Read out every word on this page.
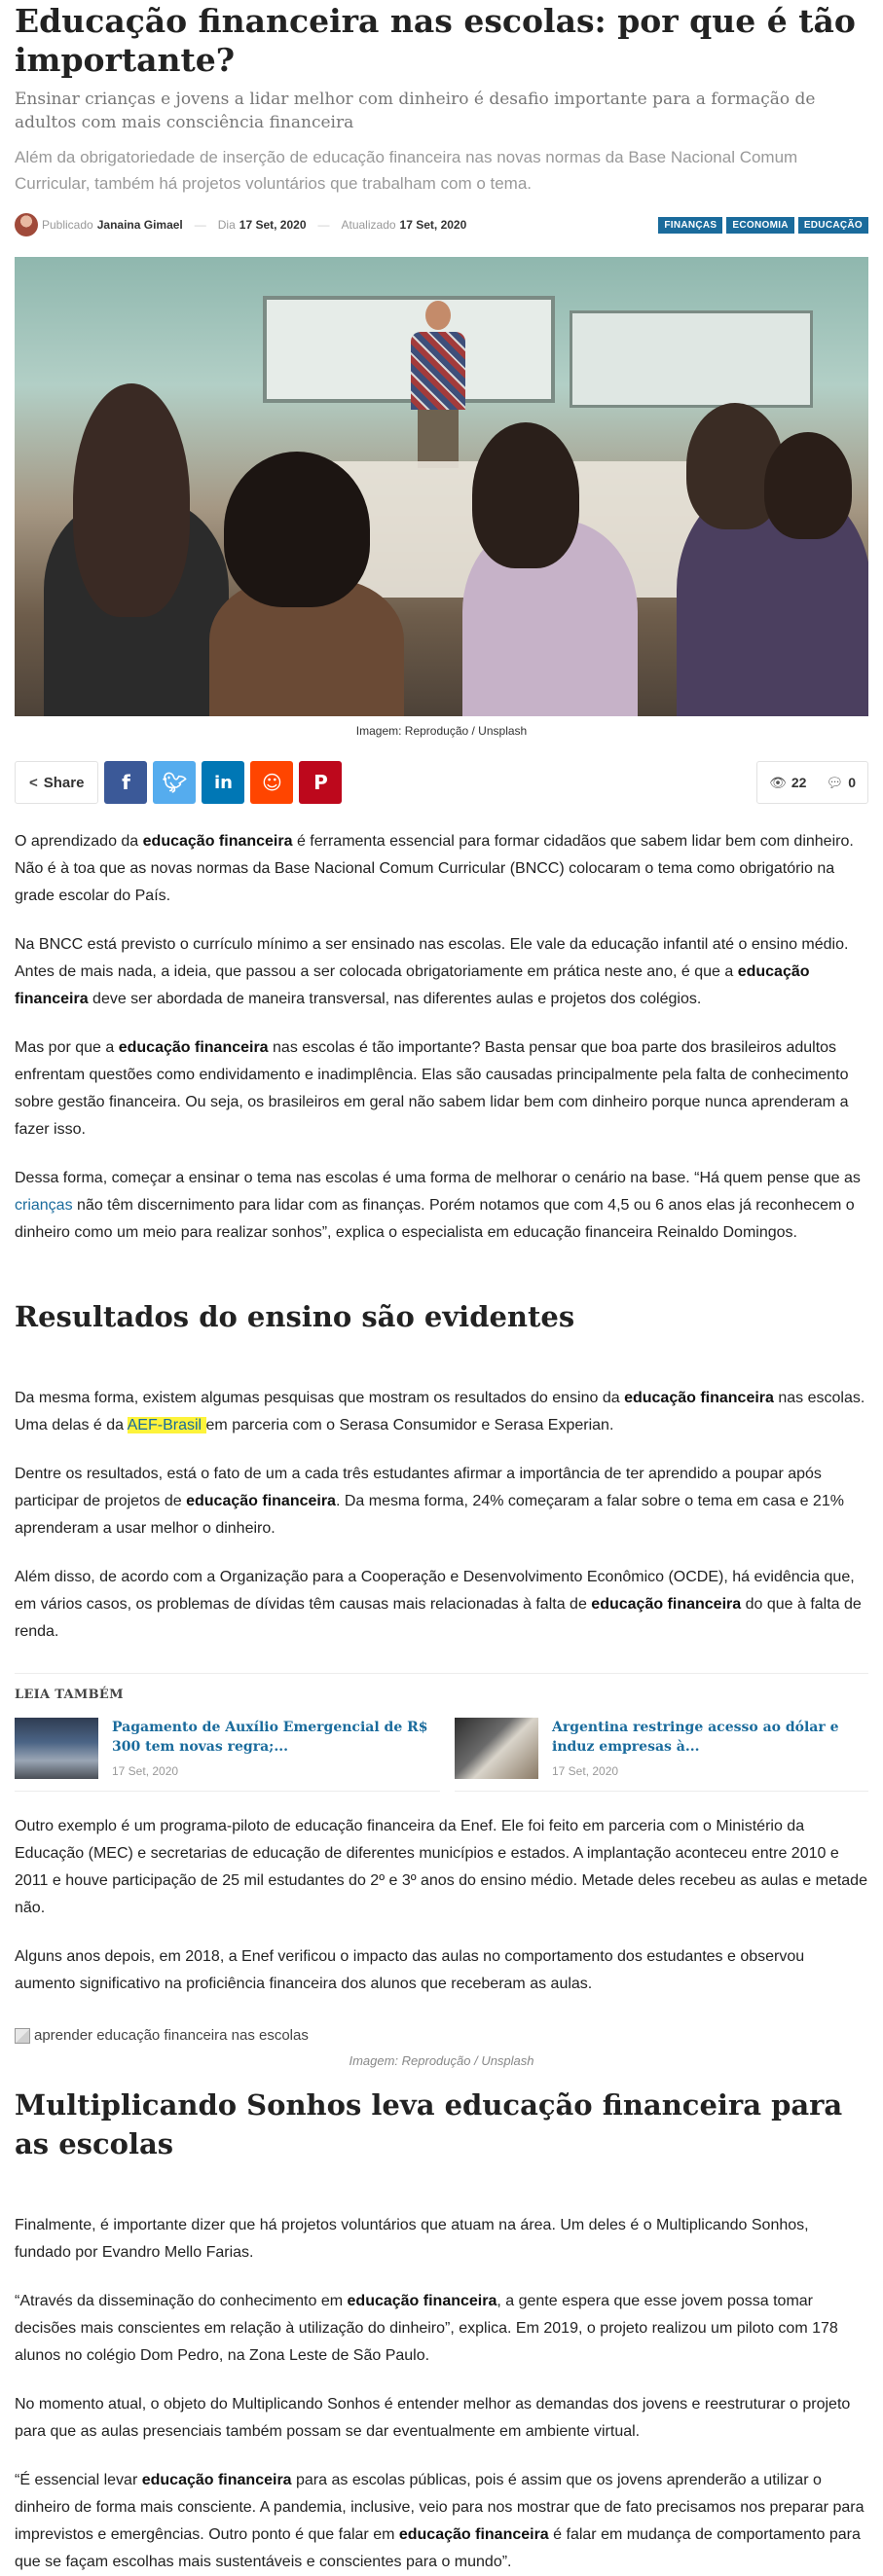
Educação financeira nas escolas: por que é tão importante?
Ensinar crianças e jovens a lidar melhor com dinheiro é desafio importante para a formação de adultos com mais consciência financeira
Além da obrigatoriedade de inserção de educação financeira nas novas normas da Base Nacional Comum Curricular, também há projetos voluntários que trabalham com o tema.
Publicado Janaina Gimael — Dia 17 Set, 2020 — Atualizado 17 Set, 2020	FINANÇAS	ECONOMIA	EDUCAÇÃO
Imagem: Reprodução / Unsplash
< Share f 🐦︎ in ☺ P	👁︎ 22 💬︎ 0

O aprendizado da educação financeira é ferramenta essencial para formar cidadãos que sabem lidar bem com dinheiro. Não é à toa que as novas normas da Base Nacional Comum Curricular (BNCC) colocaram o tema como obrigatório na grade escolar do País.

Na BNCC está previsto o currículo mínimo a ser ensinado nas escolas. Ele vale da educação infantil até o ensino médio. Antes de mais nada, a ideia, que passou a ser colocada obrigatoriamente em prática neste ano, é que a educação financeira deve ser abordada de maneira transversal, nas diferentes aulas e projetos dos colégios.

Mas por que a educação financeira nas escolas é tão importante? Basta pensar que boa parte dos brasileiros adultos enfrentam questões como endividamento e inadimplência. Elas são causadas principalmente pela falta de conhecimento sobre gestão financeira. Ou seja, os brasileiros em geral não sabem lidar bem com dinheiro porque nunca aprenderam a fazer isso.

Dessa forma, começar a ensinar o tema nas escolas é uma forma de melhorar o cenário na base. “Há quem pense que as crianças não têm discernimento para lidar com as finanças. Porém notamos que com 4,5 ou 6 anos elas já reconhecem o dinheiro como um meio para realizar sonhos”, explica o especialista em educação financeira Reinaldo Domingos.

Resultados do ensino são evidentes

Da mesma forma, existem algumas pesquisas que mostram os resultados do ensino da educação financeira nas escolas. Uma delas é da AEF-Brasil em parceria com o Serasa Consumidor e Serasa Experian.

Dentre os resultados, está o fato de um a cada três estudantes afirmar a importância de ter aprendido a poupar após participar de projetos de educação financeira. Da mesma forma, 24% começaram a falar sobre o tema em casa e 21% aprenderam a usar melhor o dinheiro.

Além disso, de acordo com a Organização para a Cooperação e Desenvolvimento Econômico (OCDE), há evidência que, em vários casos, os problemas de dívidas têm causas mais relacionadas à falta de educação financeira do que à falta de renda.

LEIA TAMBÉM
Pagamento de Auxílio Emergencial de R$ 300 tem novas regra;...
17 Set, 2020
Argentina restringe acesso ao dólar e induz empresas à...
17 Set, 2020

Outro exemplo é um programa-piloto de educação financeira da Enef. Ele foi feito em parceria com o Ministério da Educação (MEC) e secretarias de educação de diferentes municípios e estados. A implantação aconteceu entre 2010 e 2011 e houve participação de 25 mil estudantes do 2º e 3º anos do ensino médio. Metade deles recebeu as aulas e metade não.

Alguns anos depois, em 2018, a Enef verificou o impacto das aulas no comportamento dos estudantes e observou aumento significativo na proficiência financeira dos alunos que receberam as aulas.

aprender educação financeira nas escolas
Imagem: Reprodução / Unsplash
Multiplicando Sonhos leva educação financeira para as escolas

Finalmente, é importante dizer que há projetos voluntários que atuam na área. Um deles é o Multiplicando Sonhos, fundado por Evandro Mello Farias.

“Através da disseminação do conhecimento em educação financeira, a gente espera que esse jovem possa tomar decisões mais conscientes em relação à utilização do dinheiro”, explica. Em 2019, o projeto realizou um piloto com 178 alunos no colégio Dom Pedro, na Zona Leste de São Paulo.

No momento atual, o objeto do Multiplicando Sonhos é entender melhor as demandas dos jovens e reestruturar o projeto para que as aulas presenciais também possam se dar eventualmente em ambiente virtual.

“É essencial levar educação financeira para as escolas públicas, pois é assim que os jovens aprenderão a utilizar o dinheiro de forma mais consciente. A pandemia, inclusive, veio para nos mostrar que de fato precisamos nos preparar para imprevistos e emergências. Outro ponto é que falar em educação financeira é falar em mudança de comportamento para que se façam escolhas mais sustentáveis e conscientes para o mundo”.
